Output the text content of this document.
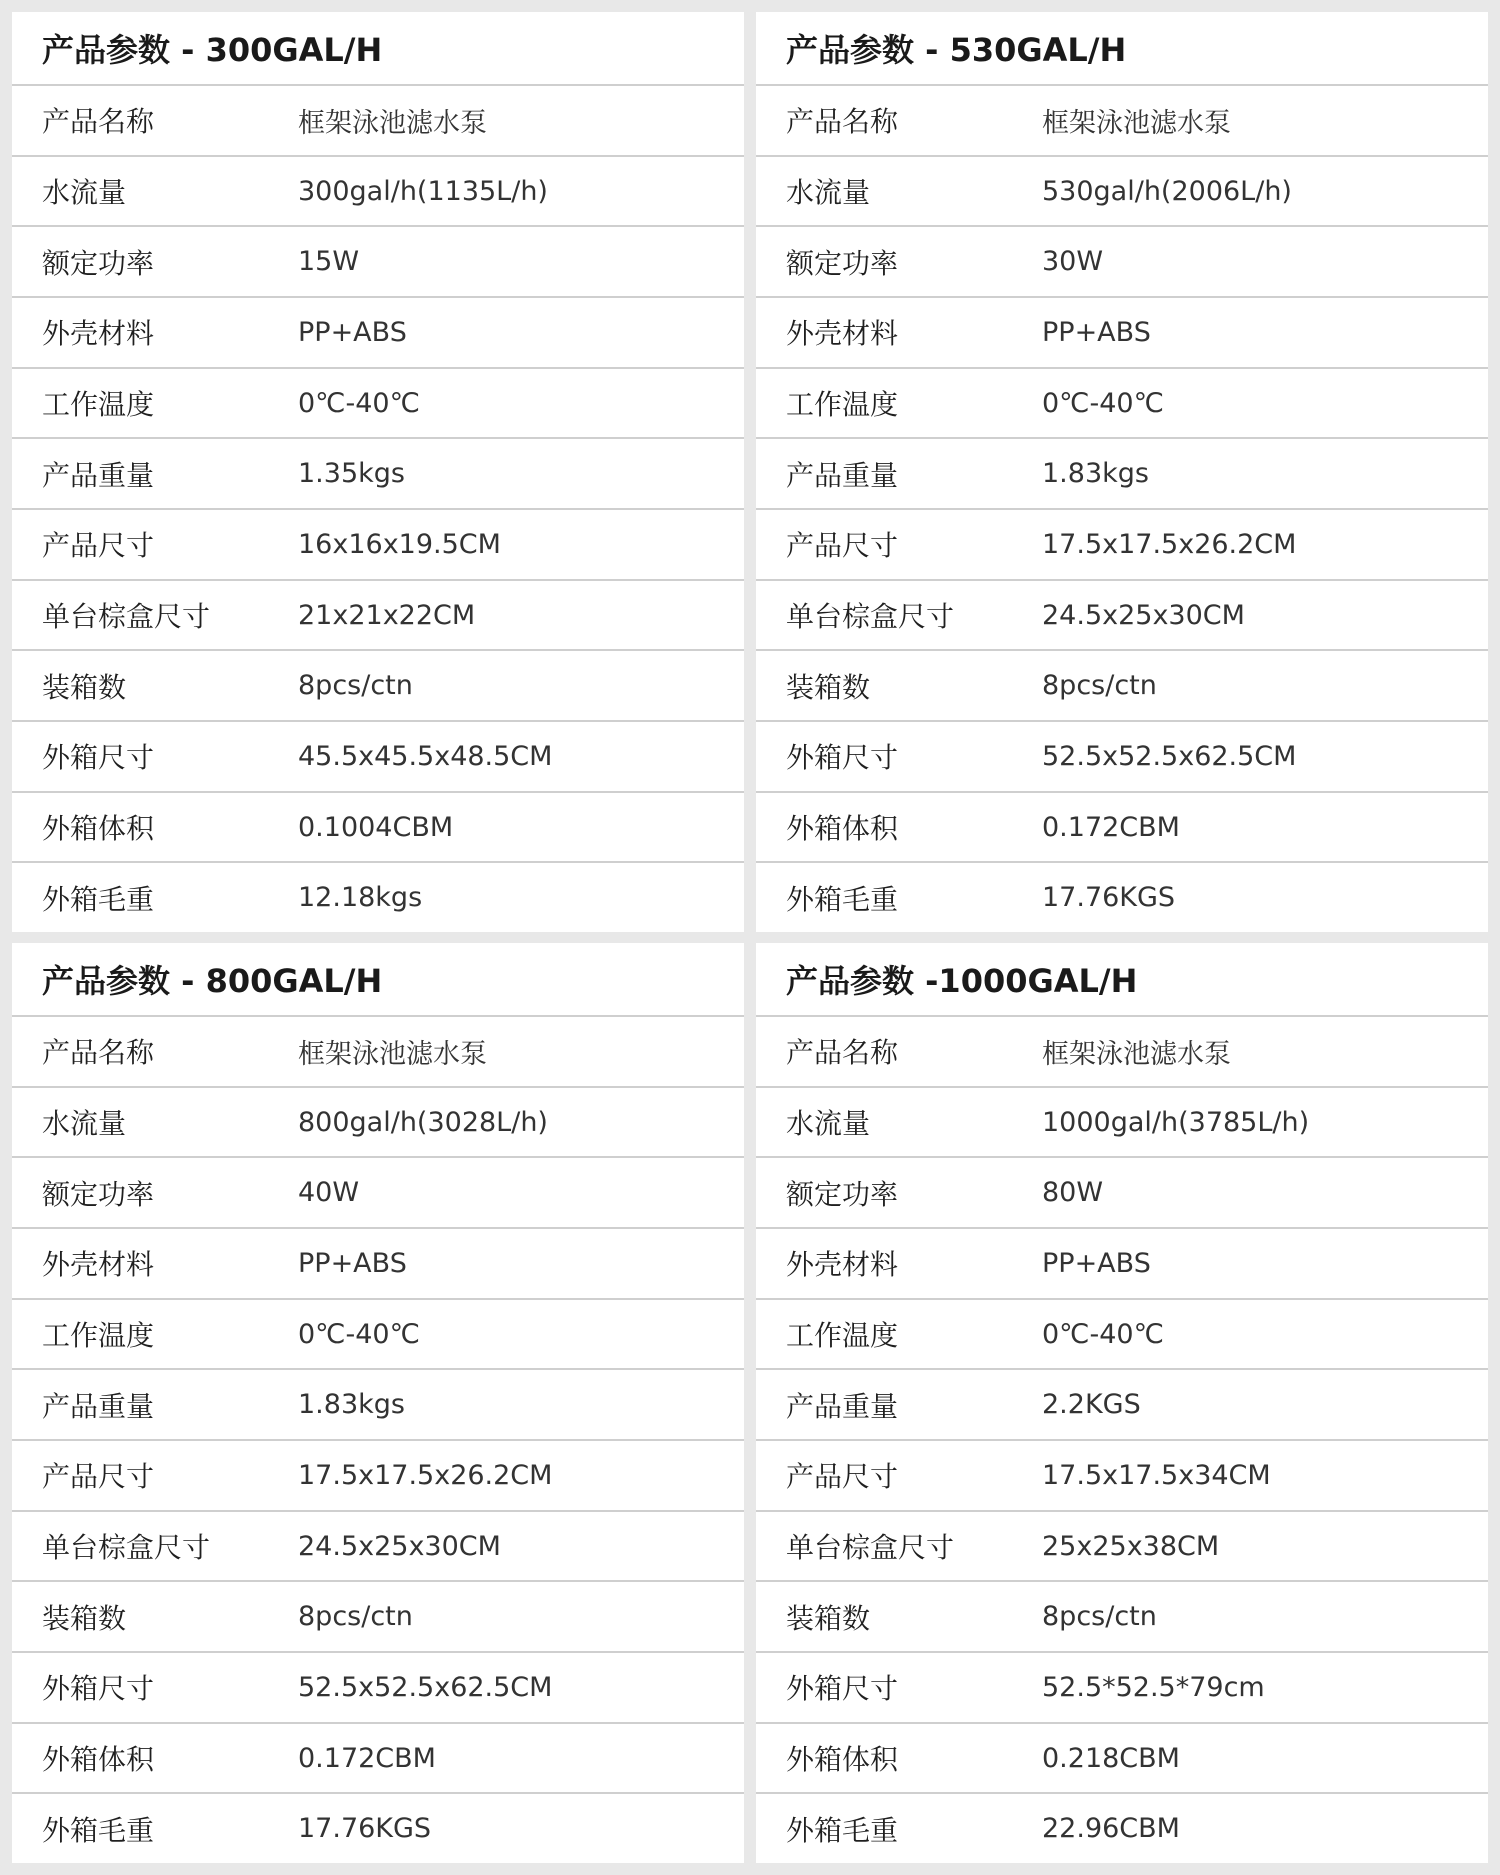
产品参数 - 300GAL/H
产品名称	框架泳池滤水泵
水流量	300gal/h(1135L/h)
额定功率	15W
外壳材料	PP+ABS
工作温度	0℃-40℃
产品重量	1.35kgs
产品尺寸	16x16x19.5CM
单台棕盒尺寸	21x21x22CM
装箱数	8pcs/ctn
外箱尺寸	45.5x45.5x48.5CM
外箱体积	0.1004CBM
外箱毛重	12.18kgs
产品参数 - 530GAL/H
产品名称	框架泳池滤水泵
水流量	530gal/h(2006L/h)
额定功率	30W
外壳材料	PP+ABS
工作温度	0℃-40℃
产品重量	1.83kgs
产品尺寸	17.5x17.5x26.2CM
单台棕盒尺寸	24.5x25x30CM
装箱数	8pcs/ctn
外箱尺寸	52.5x52.5x62.5CM
外箱体积	0.172CBM
外箱毛重	17.76KGS
产品参数 - 800GAL/H
产品名称	框架泳池滤水泵
水流量	800gal/h(3028L/h)
额定功率	40W
外壳材料	PP+ABS
工作温度	0℃-40℃
产品重量	1.83kgs
产品尺寸	17.5x17.5x26.2CM
单台棕盒尺寸	24.5x25x30CM
装箱数	8pcs/ctn
外箱尺寸	52.5x52.5x62.5CM
外箱体积	0.172CBM
外箱毛重	17.76KGS
产品参数 -1000GAL/H
产品名称	框架泳池滤水泵
水流量	1000gal/h(3785L/h)
额定功率	80W
外壳材料	PP+ABS
工作温度	0℃-40℃
产品重量	2.2KGS
产品尺寸	17.5x17.5x34CM
单台棕盒尺寸	25x25x38CM
装箱数	8pcs/ctn
外箱尺寸	52.5*52.5*79cm
外箱体积	0.218CBM
外箱毛重	22.96CBM
